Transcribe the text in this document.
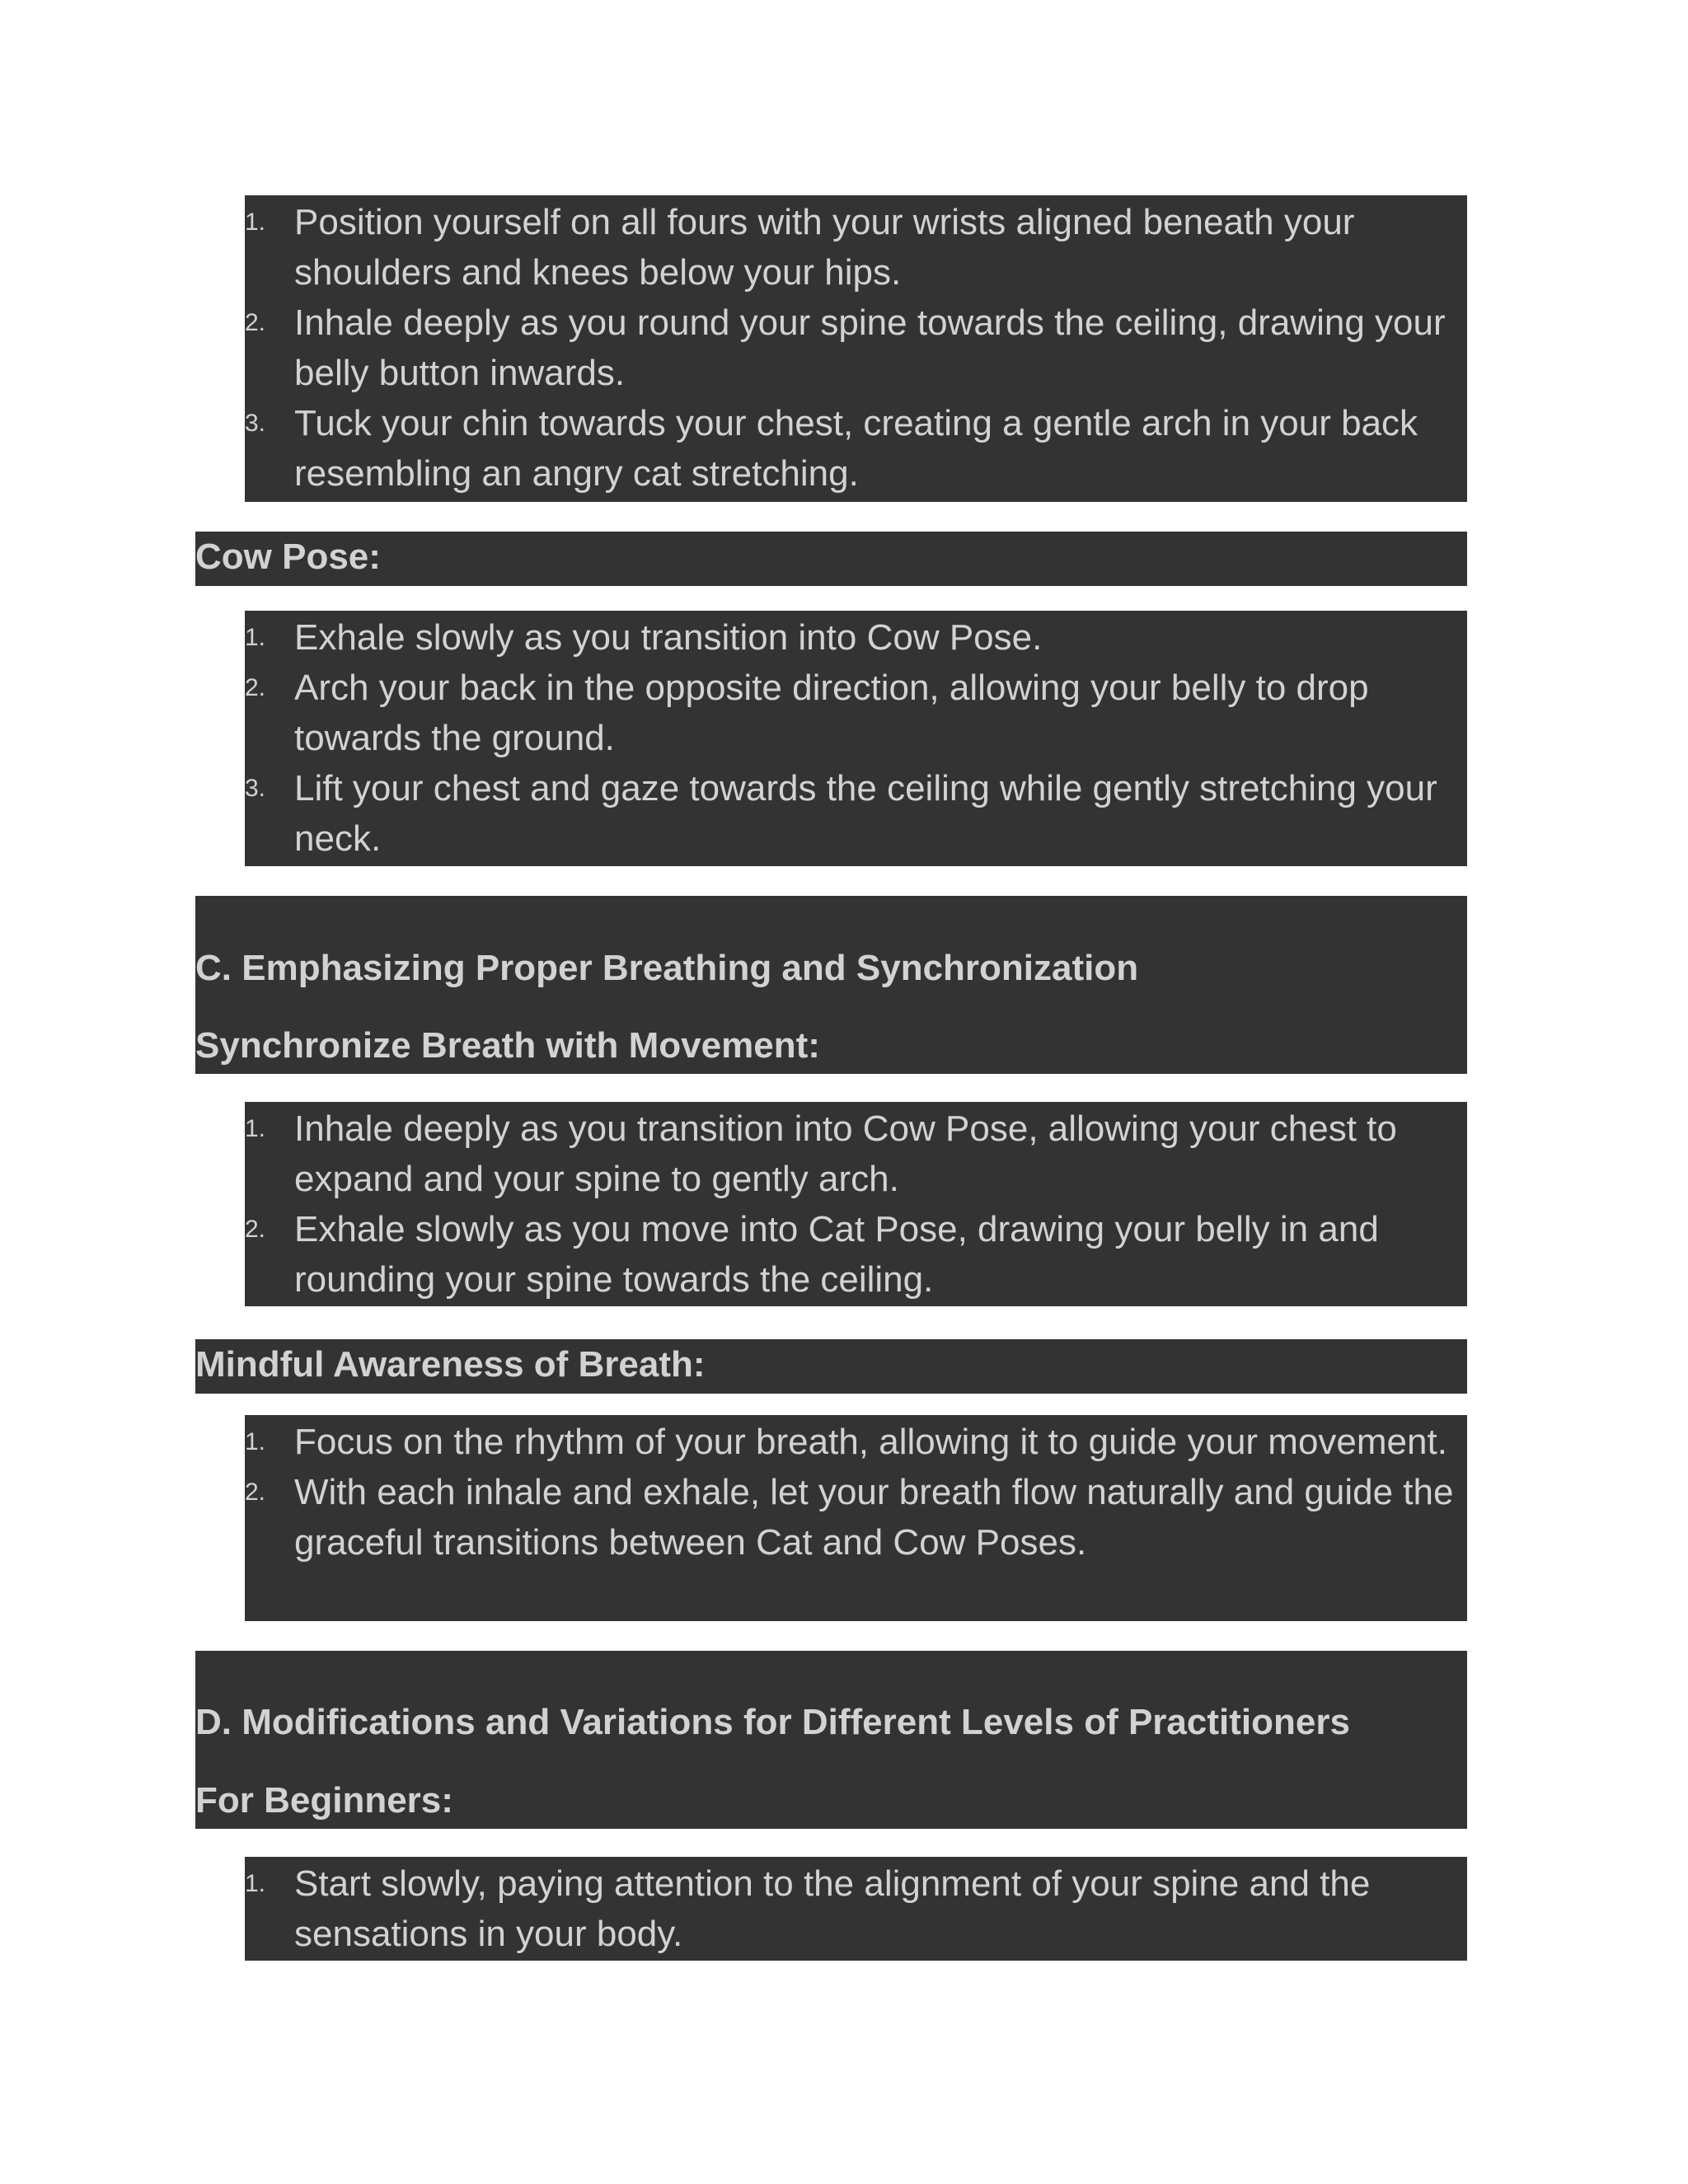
1. Position yourself on all fours with your wrists aligned beneath your shoulders and knees below your hips.
2. Inhale deeply as you round your spine towards the ceiling, drawing your belly button inwards.
3. Tuck your chin towards your chest, creating a gentle arch in your back resembling an angry cat stretching.

Cow Pose:

1. Exhale slowly as you transition into Cow Pose.
2. Arch your back in the opposite direction, allowing your belly to drop towards the ground.
3. Lift your chest and gaze towards the ceiling while gently stretching your neck.

C. Emphasizing Proper Breathing and Synchronization

Synchronize Breath with Movement:

1. Inhale deeply as you transition into Cow Pose, allowing your chest to expand and your spine to gently arch.
2. Exhale slowly as you move into Cat Pose, drawing your belly in and rounding your spine towards the ceiling.

Mindful Awareness of Breath:

1. Focus on the rhythm of your breath, allowing it to guide your movement.
2. With each inhale and exhale, let your breath flow naturally and guide the graceful transitions between Cat and Cow Poses.

D. Modifications and Variations for Different Levels of Practitioners

For Beginners:

1. Start slowly, paying attention to the alignment of your spine and the sensations in your body.
